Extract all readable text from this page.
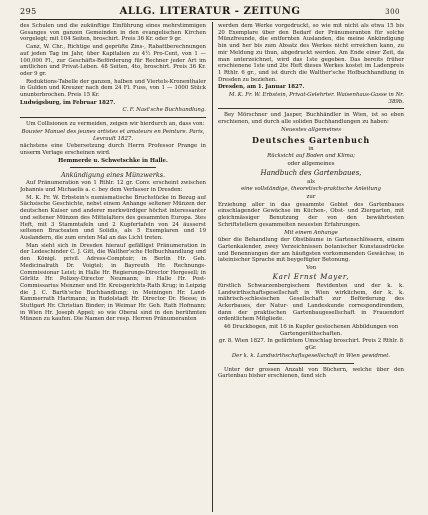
295	ALLG. LITERATUR - ZEITUNG	300

des Schulen und die zukünftige Einführung eines mehrstimmigen Gesanges von ganzen Gemeinden in den evangelischen Kirchen vorgelegt; mit 104 Seiten, broschirt. Preis 36 Kr. oder 9 gr.

Canz, W. Chr., Richtige und geprüfte Zins-, Rabattberechnungen auf jeden Tag im Jahr, über Kapitalien zu 4½ Pro-Cent, von 1 — 100,000 Fl., zur Geschäfts-Beförderung für Rechner jeder Art im amtlichen und Privat-Leben. 48 Seiten, 4to, broschirt. Preis 36 Kr. oder 9 gr.

Reduktions-Tabelle der ganzen, halben und Viertels-Kronenthaler in Gulden und Kreuzer nach dem 24 Fl. Fuss, von 1 — 1000 Stück ununterbrochen. Preis 15 Kr.

Ludwigsburg, im Februar 1827.

C. F. Nast'sche Buchhandlung.

Um Collisionen zu vermeiden, zeigen wir hierdurch an, dass von:

Bouvier Manuel des jeunes artistes et amateurs en Peinture. Paris, Levrault 1827.

nächstens eine Uebersetzung durch Herrn Professor Prange in unserm Verlage erscheinen wird.

Hemmerde u. Schwetschke in Halle.

Ankündigung eines Münzwerks.

Auf Pränumeration von 1 Rthlr. 12 gr. Conv. erscheint zwischen Johannis und Michaelis a. c. bey dem Verfasser in Dresden:

M. K. Fr. W. Erbstein's numismatische Bruchstücke in Bezug auf Sächsische Geschichte, nebst einem Anhange seltener Münzen der deutschen Kaiser und anderer merkwürdiger höchst interessanter und seltener Münzen des Mittelalters des gesammten Europa. 3tes Heft, mit 3 Stammtafeln und 2 Kupfertafeln von 24 äusserst seltenen Bracteaten und Solidis, als 5 Exemplaren und 19 Auslandern, die zum ersten Mal an das Licht treten.

Man sieht sich in Dresden hierauf gefälligst Pränumeration in der Ledeschinder C. J. Gitt, die Walther'sche Hofbuchhandlung und den Königl. privil. Adress-Comptoir; in Berlin Hr. Geh. Medicinalrath Dr. Voigtel; in Bayreuth Hr. Rechnungs-Commissionar Leist; in Halle Hr. Regierungs-Director Hergesell; in Görlitz Hr. Polizey-Director Neumann; in Halle Hr. Post-Commissarius Menzner und Hr. Kreisgerichts-Rath Krug; in Leipzig die J. C. Barth'sche Buchhandlung; in Meiningen Hr. Land-Kammerrath Hartmann; in Rudolstadt Hr. Director Dr. Hesse; in Stuttgart Hr. Christian Binder; in Weimar Hr. Geh. Rath Hofmann; in Wien Hr. Joseph Appel; so wie Oberal sind in den berühmten Münzen zu kaufen. Die Namen der resp. Herren Pränumeranten

werden dem Werke vorgedruckt, so wie mit nicht als etwa 15 bis 20 Exemplare über den Bedarf der Pränumeranten für solche Münzfreunde, die entfernten Auslanden, die meine Ankündigung hin und her bis zum Absatz des Werkes nicht erreichen kann, zu mir Meldung zu thun, abgedruckt werden. Am Ende einer Zeit, da man unterzeichnet, wird das 1ste gegeben. Das bereits früher erschienene 1ste und 2te Heft dieses Werkes kostet im Ladenpreis 1 Rthlr. 6 gr., und ist durch die Walther'sche Hofbuchhandlung in Dresden zu beziehen.

Dresden, am 1. Januar 1827.

M. K. Fr. W. Erbstein, Privat-Gelehrter. Waisenhaus-Gasse in Nr. 389b.

Bey Mörschner und Jasper, Buchhändler in Wien, ist so eben erschienen, und durch alle soliden Buchhandlungen zu haben:

Neuestes allgemeines

Deutsches Gartenbuch

in

Rücksicht auf Boden und Klima;

oder allgemeines

Handbuch des Gartenbaues,

als

eine vollständige, theoretisch-praktische Anleitung

zur

Erziehung aller in das gesammte Gebiet des Gartenbaues einschlagender Gewächse im Küchen-, Obst- und Ziergarten, mit gleichmässiger Benutzung der von den bewährtesten Schriftstellern gesammelten neuesten Erfahrungen.

Mit einem Anhange

über die Behandlung der Obstbäume in Gartenschlössern, einem Gartenkalender, zwey Verzeichnissen botanischer Kunstausdrücke und Benennungen der am häufigsten vorkommenden Gewächse, in lateinischer Sprache mit beygefügter Betonung.

Von

Karl Ernst Mayer,

fürstlich Schwarzenbergischem Revidenten und der k. k. Landwirthschaftsgesellschaft in Wien wirklichem, der k. k. mährisch-schlesischen Gesellschaft zur Beförderung des Ackerbaues, der Natur- und Landeskunde correspondirendem, dann der praktischen Gartenbaugesellschaft in Frauendorf ordentlichem Mitgliede.

46 Druckbogen, mit 16 in Kupfer gestochenen Abbildungen von Gartengeräthschaften.

gr. 8. Wien 1827. In gefärbtem Umschlag broschirt. Preis 2 Rthlr. 8 gGr.

Der k. k. Landwirthschaftsgesellschaft in Wien gewidmet.

Unter der grossen Anzahl von Büchern, welche über den Gartenbau bisher erschienen, fand sich
